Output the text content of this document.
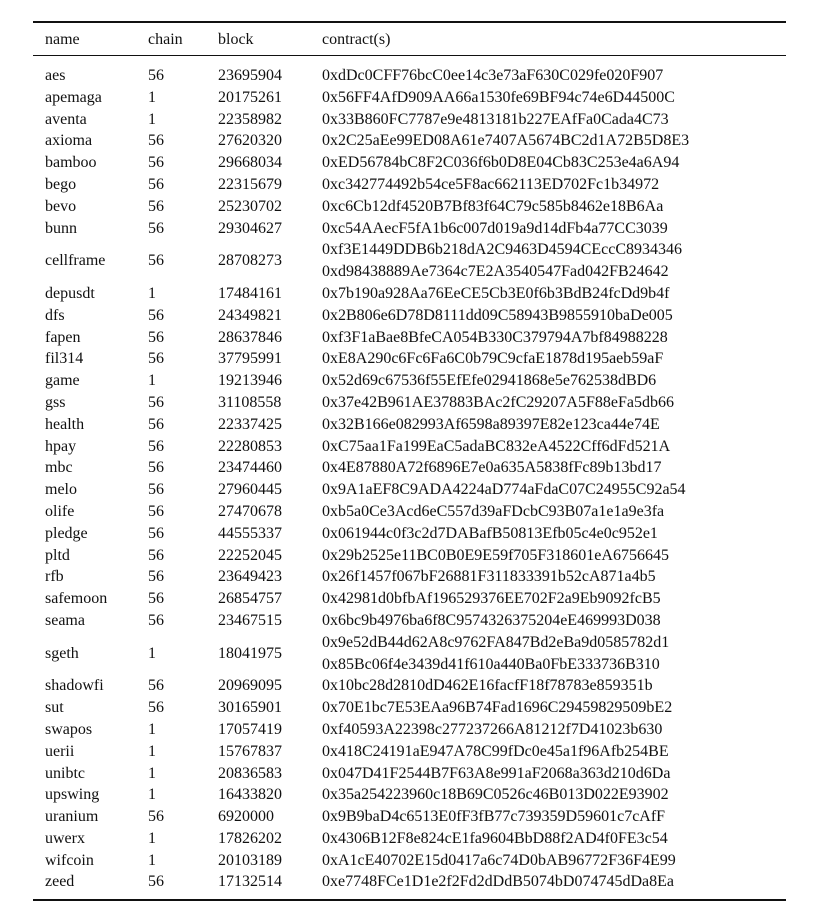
name	chain	block	contract(s)
aes	56	23695904	0xdDc0CFF76bcC0ee14c3e73aF630C029fe020F907

apemaga	1	20175261	0x56FF4AfD909AA66a1530fe69BF94c74e6D44500C

aventa	1	22358982	0x33B860FC7787e9e4813181b227EAfFa0Cada4C73

axioma	56	27620320	0x2C25aEe99ED08A61e7407A5674BC2d1A72B5D8E3

bamboo	56	29668034	0xED56784bC8F2C036f6b0D8E04Cb83C253e4a6A94

bego	56	22315679	0xc342774492b54ce5F8ac662113ED702Fc1b34972

bevo	56	25230702	0xc6Cb12df4520B7Bf83f64C79c585b8462e18B6Aa

bunn	56	29304627	0xc54AAecF5fA1b6c007d019a9d14dFb4a77CC3039

cellframe	56	28708273	0xf3E1449DDB6b218dA2C9463D4594CEccC8934346
0xd98438889Ae7364c7E2A3540547Fad042FB24642

depusdt	1	17484161	0x7b190a928Aa76EeCE5Cb3E0f6b3BdB24fcDd9b4f

dfs	56	24349821	0x2B806e6D78D8111dd09C58943B9855910baDe005

fapen	56	28637846	0xf3F1aBae8BfeCA054B330C379794A7bf84988228

fil314	56	37795991	0xE8A290c6Fc6Fa6C0b79C9cfaE1878d195aeb59aF

game	1	19213946	0x52d69c67536f55EfEfe02941868e5e762538dBD6

gss	56	31108558	0x37e42B961AE37883BAc2fC29207A5F88eFa5db66

health	56	22337425	0x32B166e082993Af6598a89397E82e123ca44e74E

hpay	56	22280853	0xC75aa1Fa199EaC5adaBC832eA4522Cff6dFd521A

mbc	56	23474460	0x4E87880A72f6896E7e0a635A5838fFc89b13bd17

melo	56	27960445	0x9A1aEF8C9ADA4224aD774aFdaC07C24955C92a54

olife	56	27470678	0xb5a0Ce3Acd6eC557d39aFDcbC93B07a1e1a9e3fa

pledge	56	44555337	0x061944c0f3c2d7DABafB50813Efb05c4e0c952e1

pltd	56	22252045	0x29b2525e11BC0B0E9E59f705F318601eA6756645

rfb	56	23649423	0x26f1457f067bF26881F311833391b52cA871a4b5

safemoon	56	26854757	0x42981d0bfbAf196529376EE702F2a9Eb9092fcB5

seama	56	23467515	0x6bc9b4976ba6f8C9574326375204eE469993D038

sgeth	1	18041975	0x9e52dB44d62A8c9762FA847Bd2eBa9d0585782d1
0x85Bc06f4e3439d41f610a440Ba0FbE333736B310

shadowfi	56	20969095	0x10bc28d2810dD462E16facfF18f78783e859351b

sut	56	30165901	0x70E1bc7E53EAa96B74Fad1696C29459829509bE2

swapos	1	17057419	0xf40593A22398c277237266A81212f7D41023b630

uerii	1	15767837	0x418C24191aE947A78C99fDc0e45a1f96Afb254BE

unibtc	1	20836583	0x047D41F2544B7F63A8e991aF2068a363d210d6Da

upswing	1	16433820	0x35a254223960c18B69C0526c46B013D022E93902

uranium	56	6920000	0x9B9baD4c6513E0fF3fB77c739359D59601c7cAfF

uwerx	1	17826202	0x4306B12F8e824cE1fa9604BbD88f2AD4f0FE3c54

wifcoin	1	20103189	0xA1cE40702E15d0417a6c74D0bAB96772F36F4E99

zeed	56	17132514	0xe7748FCe1D1e2f2Fd2dDdB5074bD074745dDa8Ea
